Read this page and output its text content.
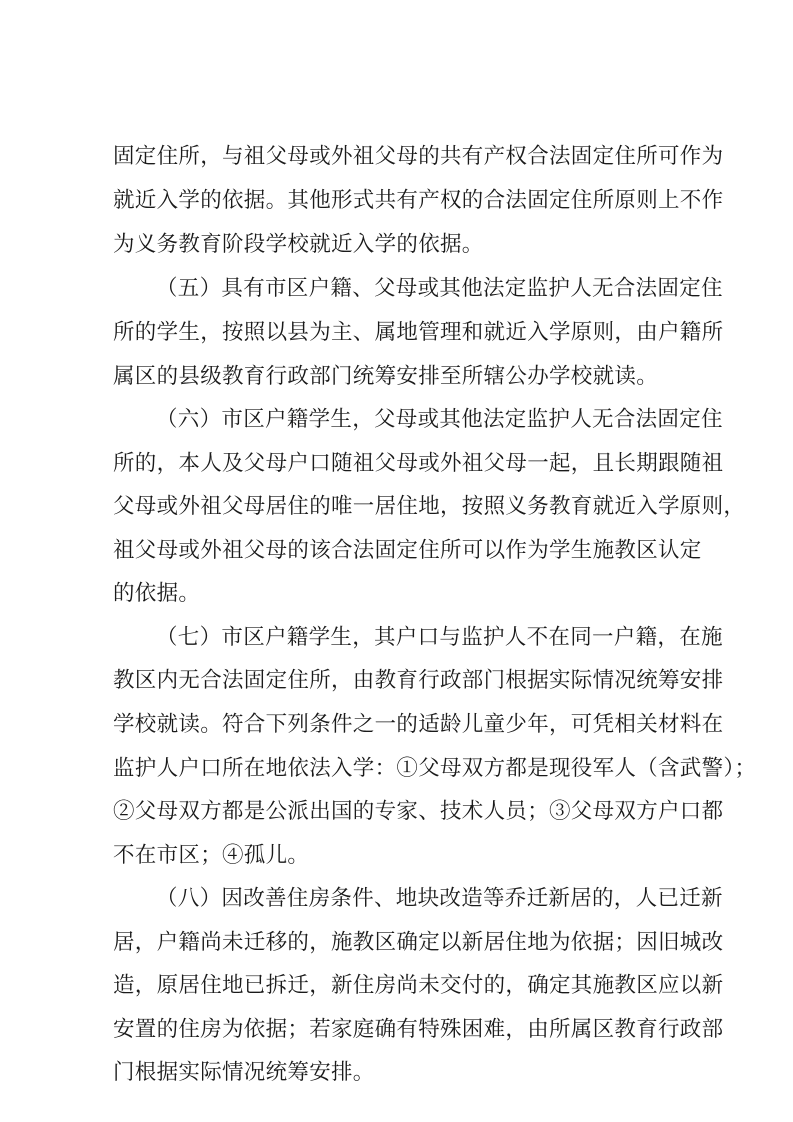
固定住所，与祖父母或外祖父母的共有产权合法固定住所可作为
就近入学的依据。其他形式共有产权的合法固定住所原则上不作
为义务教育阶段学校就近入学的依据。
（五）具有市区户籍、父母或其他法定监护人无合法固定住
所的学生，按照以县为主、属地管理和就近入学原则，由户籍所
属区的县级教育行政部门统筹安排至所辖公办学校就读。
（六）市区户籍学生，父母或其他法定监护人无合法固定住
所的，本人及父母户口随祖父母或外祖父母一起，且长期跟随祖
父母或外祖父母居住的唯一居住地，按照义务教育就近入学原则，
祖父母或外祖父母的该合法固定住所可以作为学生施教区认定
的依据。
（七）市区户籍学生，其户口与监护人不在同一户籍，在施
教区内无合法固定住所，由教育行政部门根据实际情况统筹安排
学校就读。符合下列条件之一的适龄儿童少年，可凭相关材料在
监护人户口所在地依法入学：①父母双方都是现役军人（含武警）；
②父母双方都是公派出国的专家、技术人员；③父母双方户口都
不在市区；④孤儿。
（八）因改善住房条件、地块改造等乔迁新居的，人已迁新
居，户籍尚未迁移的，施教区确定以新居住地为依据；因旧城改
造，原居住地已拆迁，新住房尚未交付的，确定其施教区应以新
安置的住房为依据；若家庭确有特殊困难，由所属区教育行政部
门根据实际情况统筹安排。
